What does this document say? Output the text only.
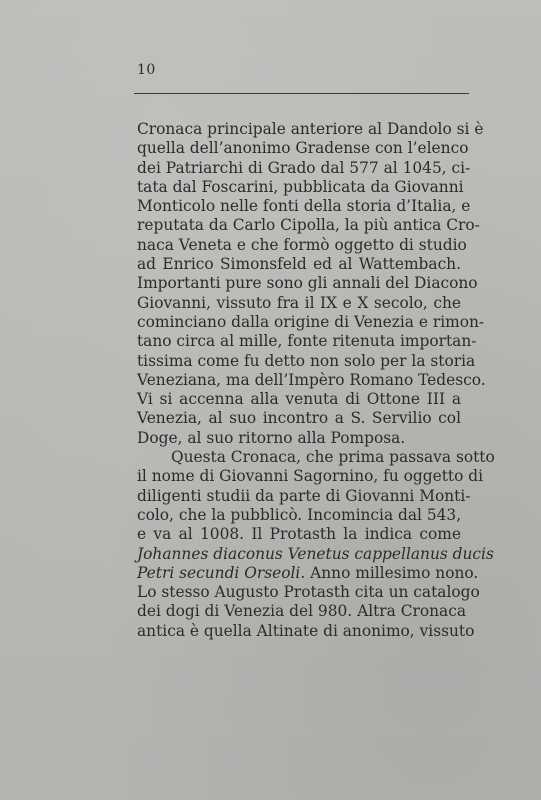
10
Cronaca principale anteriore al Dandolo si è
quella dell’anonimo Gradense con l’elenco
dei Patriarchi di Grado dal 577 al 1045, ci-
tata dal Foscarini, pubblicata da Giovanni
Monticolo nelle fonti della storia d’Italia, e
reputata da Carlo Cipolla, la più antica Cro-
naca Veneta e che formò oggetto di studio
ad Enrico Simonsfeld ed al Wattembach.
Importanti pure sono gli annali del Diacono
Giovanni, vissuto fra il IX e X secolo, che
cominciano dalla origine di Venezia e rimon-
tano circa al mille, fonte ritenuta importan-
tissima come fu detto non solo per la storia
Veneziana, ma dell’Impèro Romano Tedesco.
Vi si accenna alla venuta di Ottone III a
Venezia, al suo incontro a S. Servilio col
Doge, al suo ritorno alla Pomposa.
Questa Cronaca, che prima passava sotto
il nome di Giovanni Sagornino, fu oggetto di
diligenti studii da parte di Giovanni Monti-
colo, che la pubblicò. Incomincia dal 543,
e va al 1008. Il Protasth la indica come
Johannes diaconus Venetus cappellanus ducis
Petri secundi Orseoli. Anno millesimo nono.
Lo stesso Augusto Protasth cita un catalogo
dei dogi di Venezia del 980. Altra Cronaca
antica è quella Altinate di anonimo, vissuto
